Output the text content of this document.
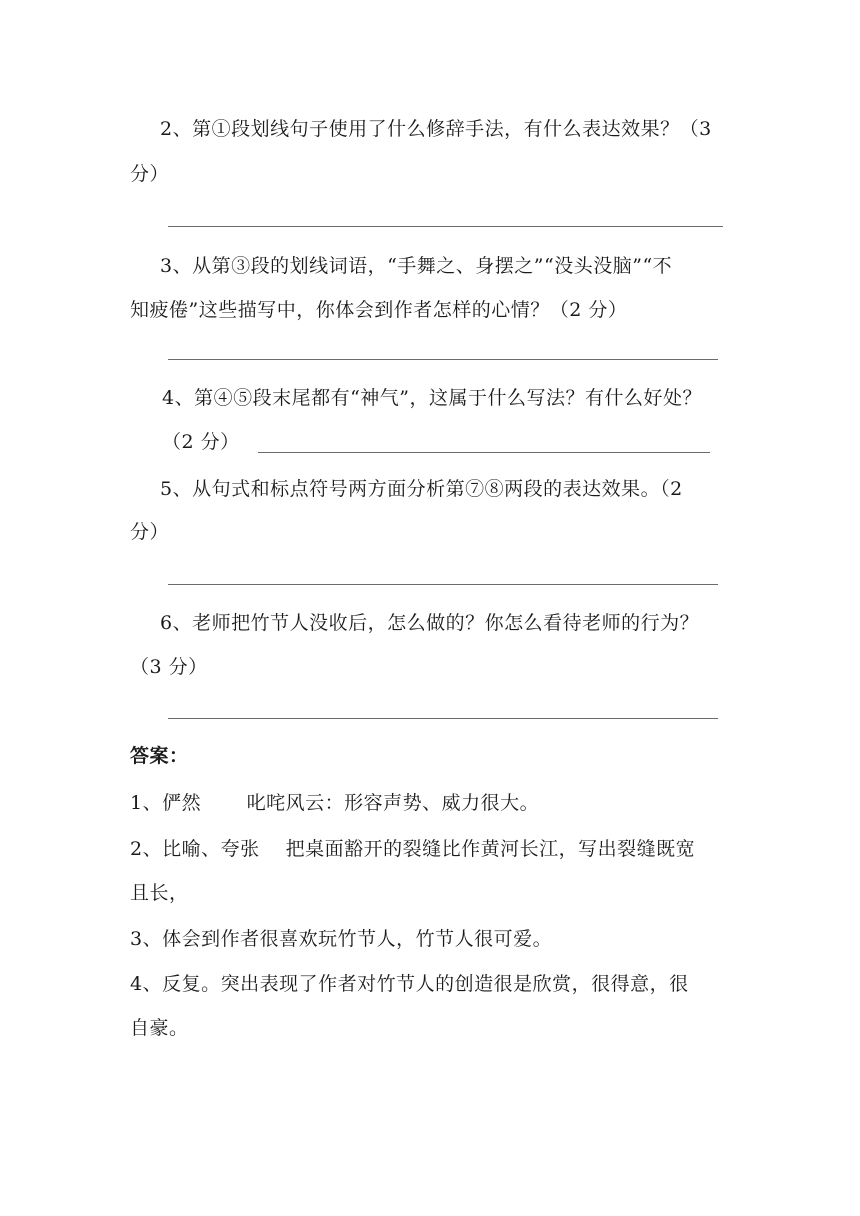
2、第①段划线句子使用了什么修辞手法，有什么表达效果？（3
分）
3、从第③段的划线词语，“手舞之、身摆之”“没头没脑”“不
知疲倦”这些描写中，你体会到作者怎样的心情？（2 分）
4、第④⑤段末尾都有“神气”，这属于什么写法？有什么好处？
（2 分）
5、从句式和标点符号两方面分析第⑦⑧两段的表达效果。（2
分）
6、老师把竹节人没收后，怎么做的？你怎么看待老师的行为？
（3 分）
答案：
1、俨然　　 叱咤风云：形容声势、威力很大。
2、比喻、夸张　 把桌面豁开的裂缝比作黄河长江，写出裂缝既宽
且长，
3、体会到作者很喜欢玩竹节人，竹节人很可爱。
4、反复。突出表现了作者对竹节人的创造很是欣赏，很得意，很
自豪。
